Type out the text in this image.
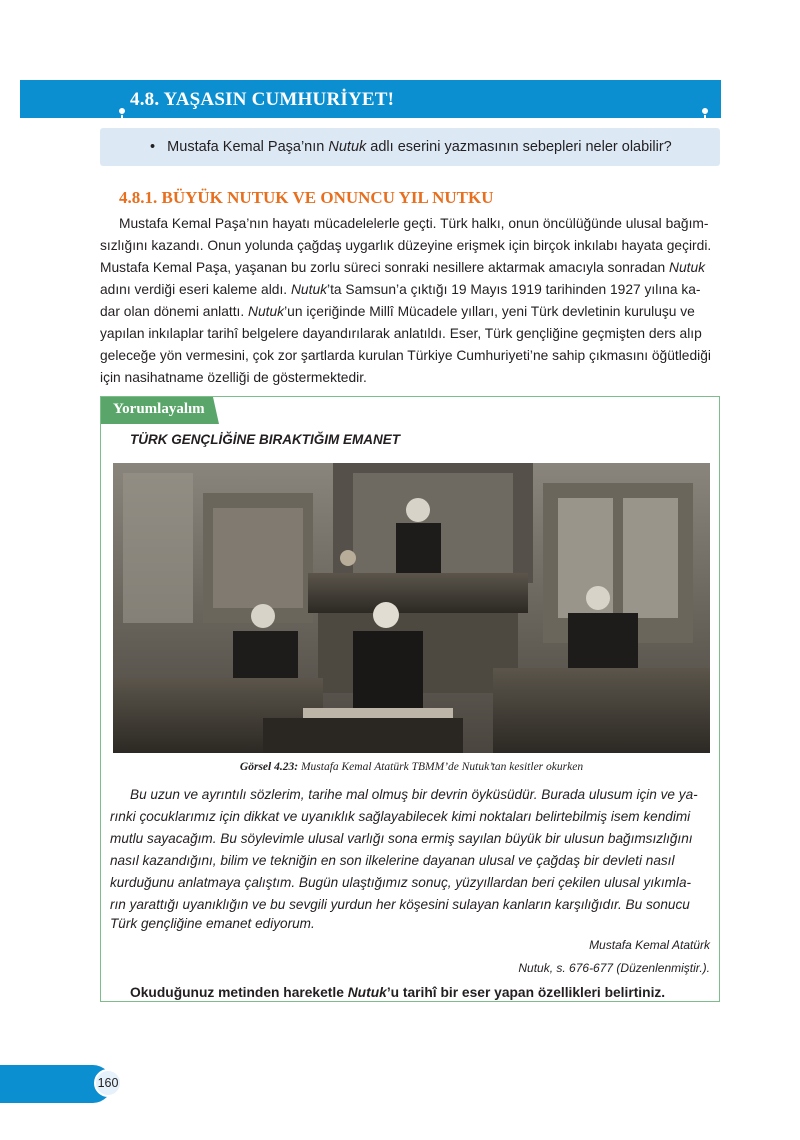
4.8. YAŞASIN CUMHURİYET!
• Mustafa Kemal Paşa’nın Nutuk adlı eserini yazmasının sebepleri neler olabilir?
4.8.1. BÜYÜK NUTUK VE ONUNCU YIL NUTKU
Mustafa Kemal Paşa’nın hayatı mücadelelerle geçti. Türk halkı, onun öncülüğünde ulusal bağım-
sızlığını kazandı. Onun yolunda çağdaş uygarlık düzeyine erişmek için birçok inkılabı hayata geçirdi.
Mustafa Kemal Paşa, yaşanan bu zorlu süreci sonraki nesillere aktarmak amacıyla sonradan Nutuk
adını verdiği eseri kaleme aldı. Nutuk’ta Samsun’a çıktığı 19 Mayıs 1919 tarihinden 1927 yılına ka-
dar olan dönemi anlattı. Nutuk’un içeriğinde Millî Mücadele yılları, yeni Türk devletinin kuruluşu ve
yapılan inkılaplar tarihî belgelere dayandırılarak anlatıldı. Eser, Türk gençliğine geçmişten ders alıp
geleceğe yön vermesini, çok zor şartlarda kurulan Türkiye Cumhuriyeti’ne sahip çıkmasını öğütlediği
için nasihatname özelliği de göstermektedir.
Yorumlayalım
TÜRK GENÇLİĞİNE BIRAKTIĞIM EMANET
Görsel 4.23: Mustafa Kemal Atatürk TBMM’de Nutuk’tan kesitler okurken
Bu uzun ve ayrıntılı sözlerim, tarihe mal olmuş bir devrin öyküsüdür. Burada ulusum için ve ya-
rınki çocuklarımız için dikkat ve uyanıklık sağlayabilecek kimi noktaları belirtebilmiş isem kendimi
mutlu sayacağım. Bu söylevimle ulusal varlığı sona ermiş sayılan büyük bir ulusun bağımsızlığını
nasıl kazandığını, bilim ve tekniğin en son ilkelerine dayanan ulusal ve çağdaş bir devleti nasıl
kurduğunu anlatmaya çalıştım. Bugün ulaştığımız sonuç, yüzyıllardan beri çekilen ulusal yıkımla-
rın yarattığı uyanıklığın ve bu sevgili yurdun her köşesini sulayan kanların karşılığıdır. Bu sonucu
Türk gençliğine emanet ediyorum.
Mustafa Kemal Atatürk
Nutuk, s. 676-677 (Düzenlenmiştir.).
Okuduğunuz metinden hareketle Nutuk’u tarihî bir eser yapan özellikleri belirtiniz.
160
